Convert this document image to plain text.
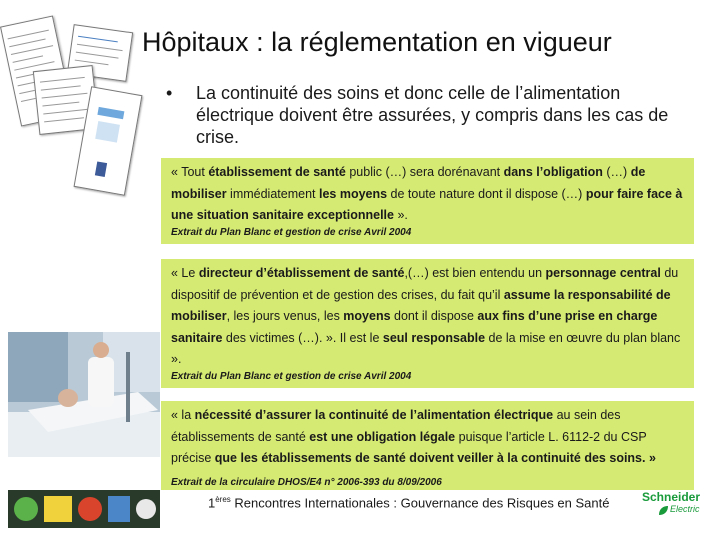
Hôpitaux : la réglementation en vigueur
•	La continuité des soins et donc celle de l’alimentation électrique doivent être assurées, y compris dans les cas de crise.
« Tout établissement de santé public (…) sera dorénavant dans l’obligation (…) de mobiliser immédiatement les moyens de toute nature dont il dispose (…) pour faire face à une situation sanitaire exceptionnelle ».
Extrait du Plan Blanc et gestion de crise Avril 2004
« Le directeur d’établissement de santé,(…) est bien entendu un personnage central du dispositif de prévention et de gestion des crises, du fait qu’il assume la responsabilité de mobiliser, les jours venus, les moyens dont il dispose aux fins d’une prise en charge sanitaire des victimes (…). ». Il est le seul responsable de la mise en œuvre du plan blanc ».
Extrait du Plan Blanc et gestion de crise Avril 2004
« la nécessité d’assurer la continuité de l’alimentation électrique au sein des établissements de santé est une obligation légale puisque l’article L. 6112-2 du CSP précise que les établissements de santé doivent veiller à la continuité des soins. » Extrait de la circulaire DHOS/E4 n° 2006-393 du 8/09/2006
1ères Rencontres Internationales : Gouvernance des Risques en Santé	Schneider
Electric
